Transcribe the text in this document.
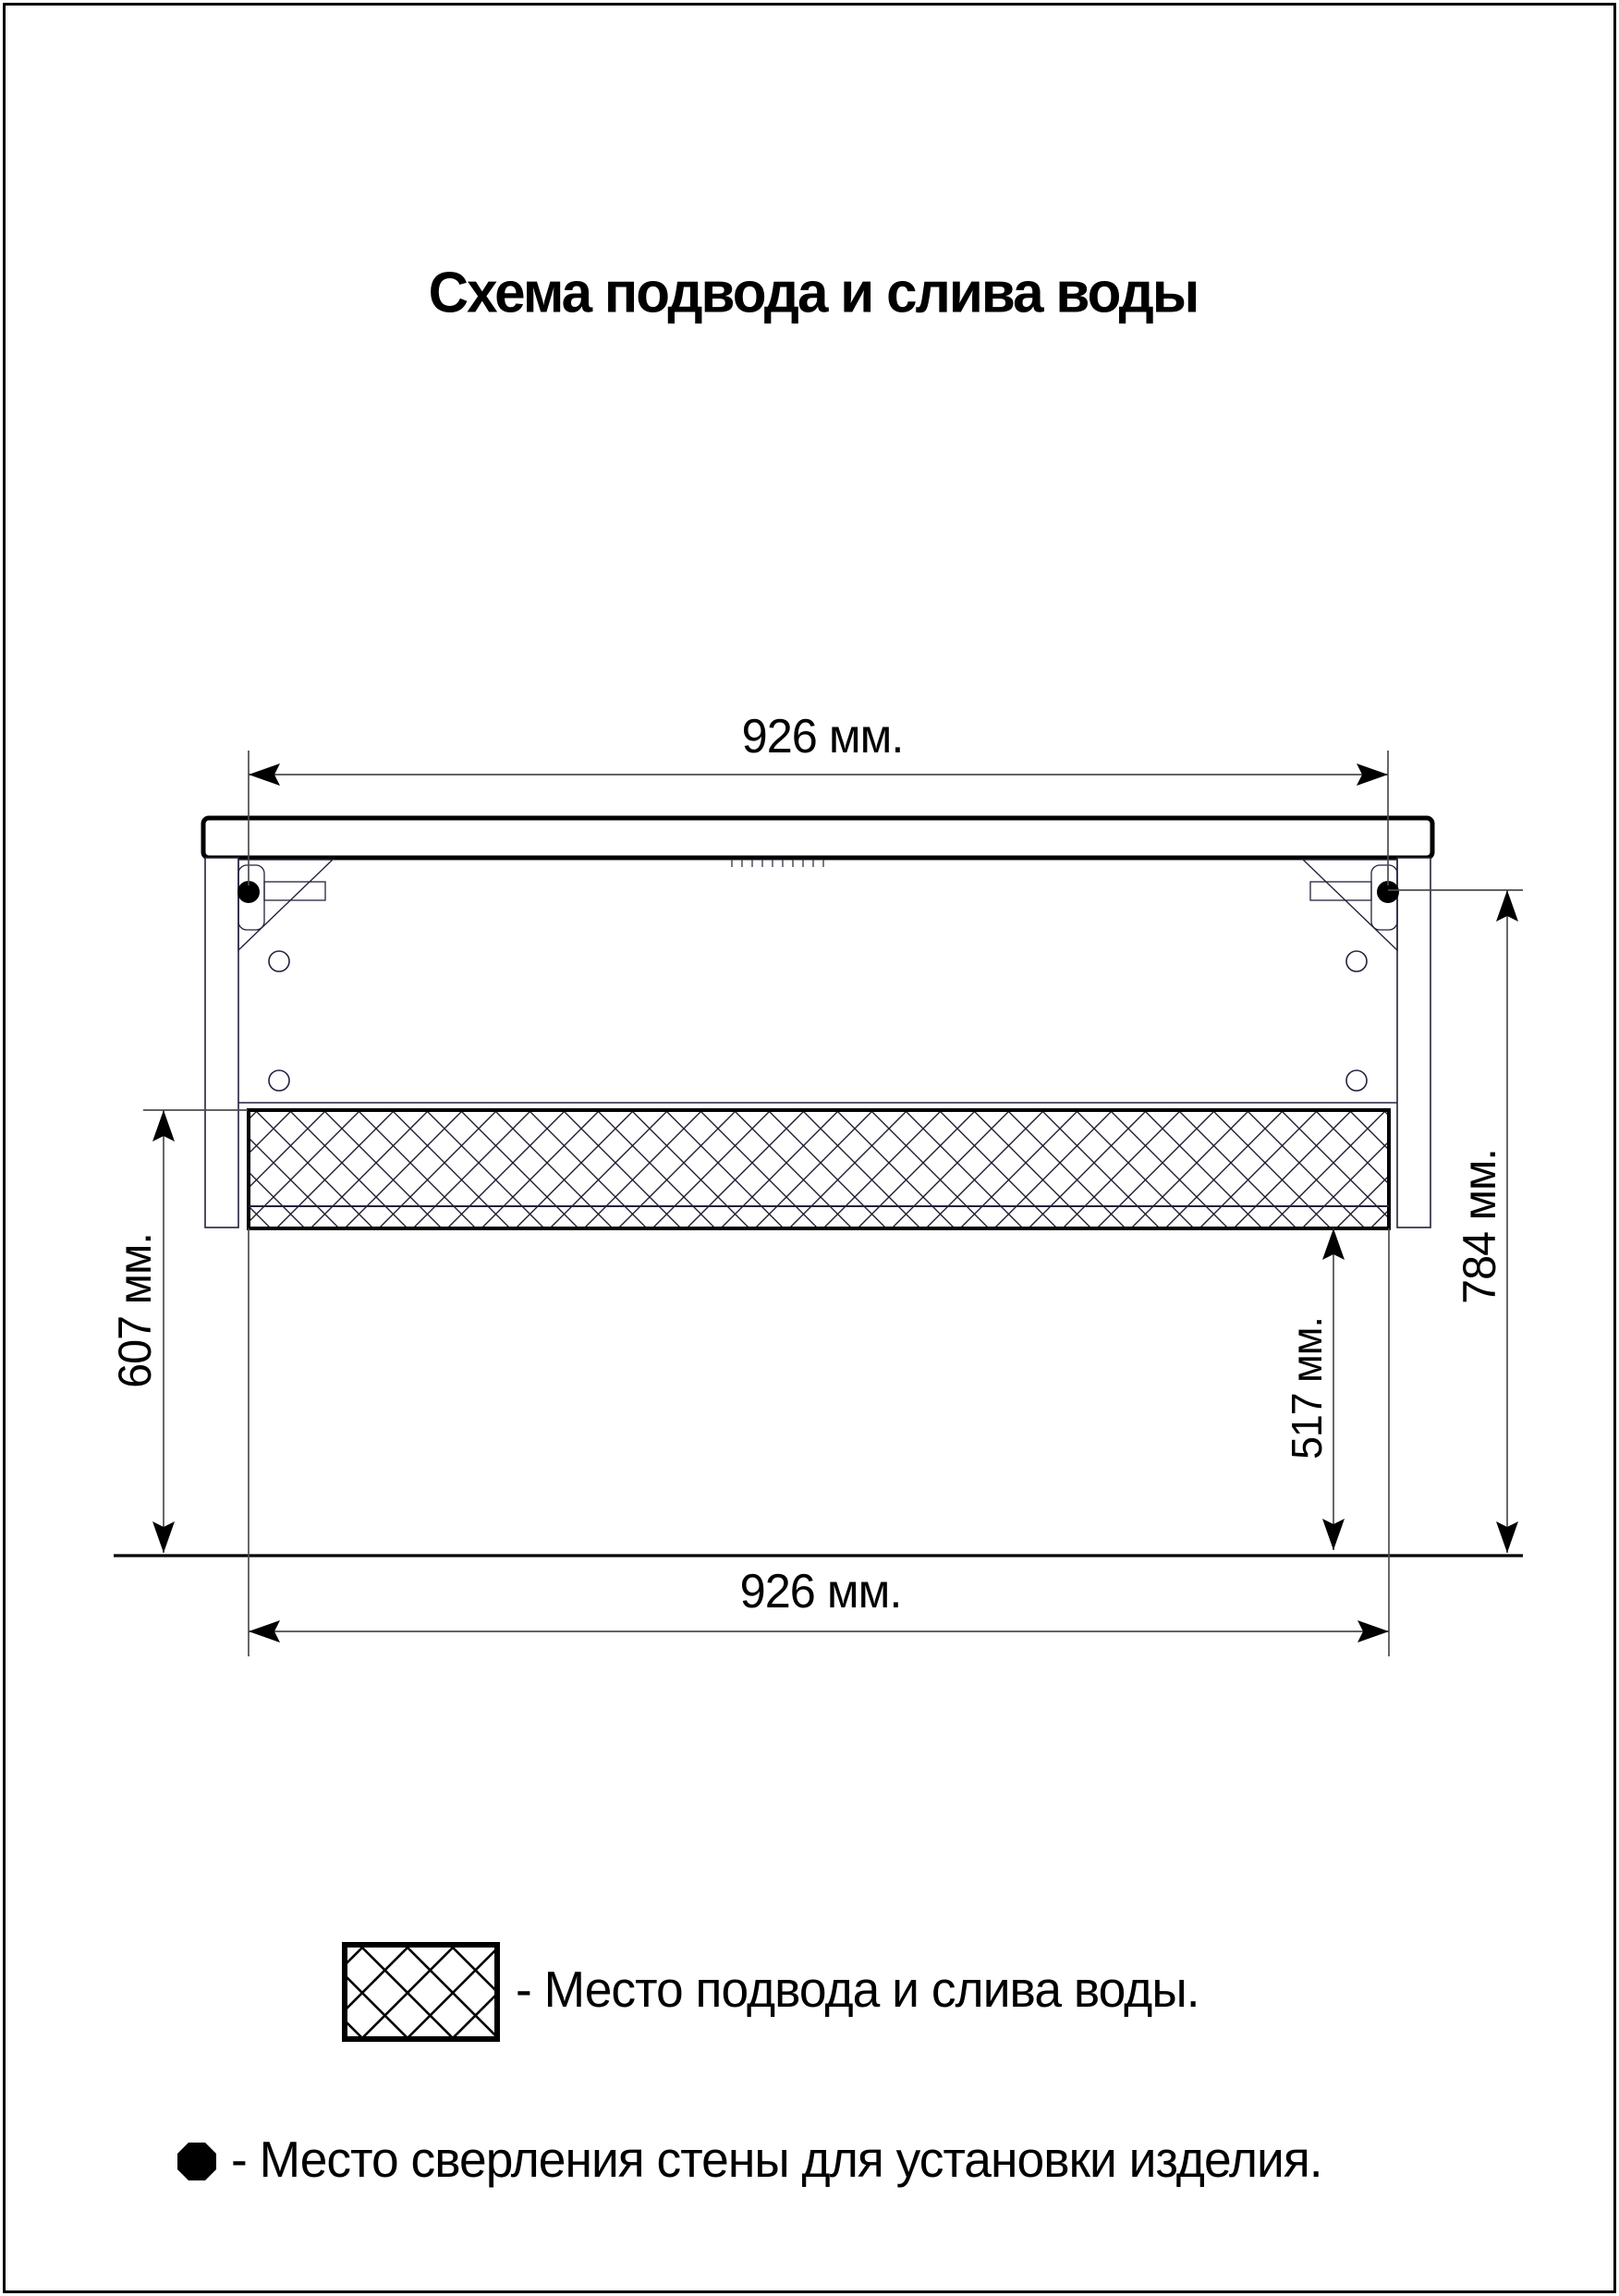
Схема подвода и слива воды
926 мм.
784 мм.
607 мм.
517 мм.
926 мм.
- Место подвода и слива воды.
- Место сверления стены для установки изделия.
